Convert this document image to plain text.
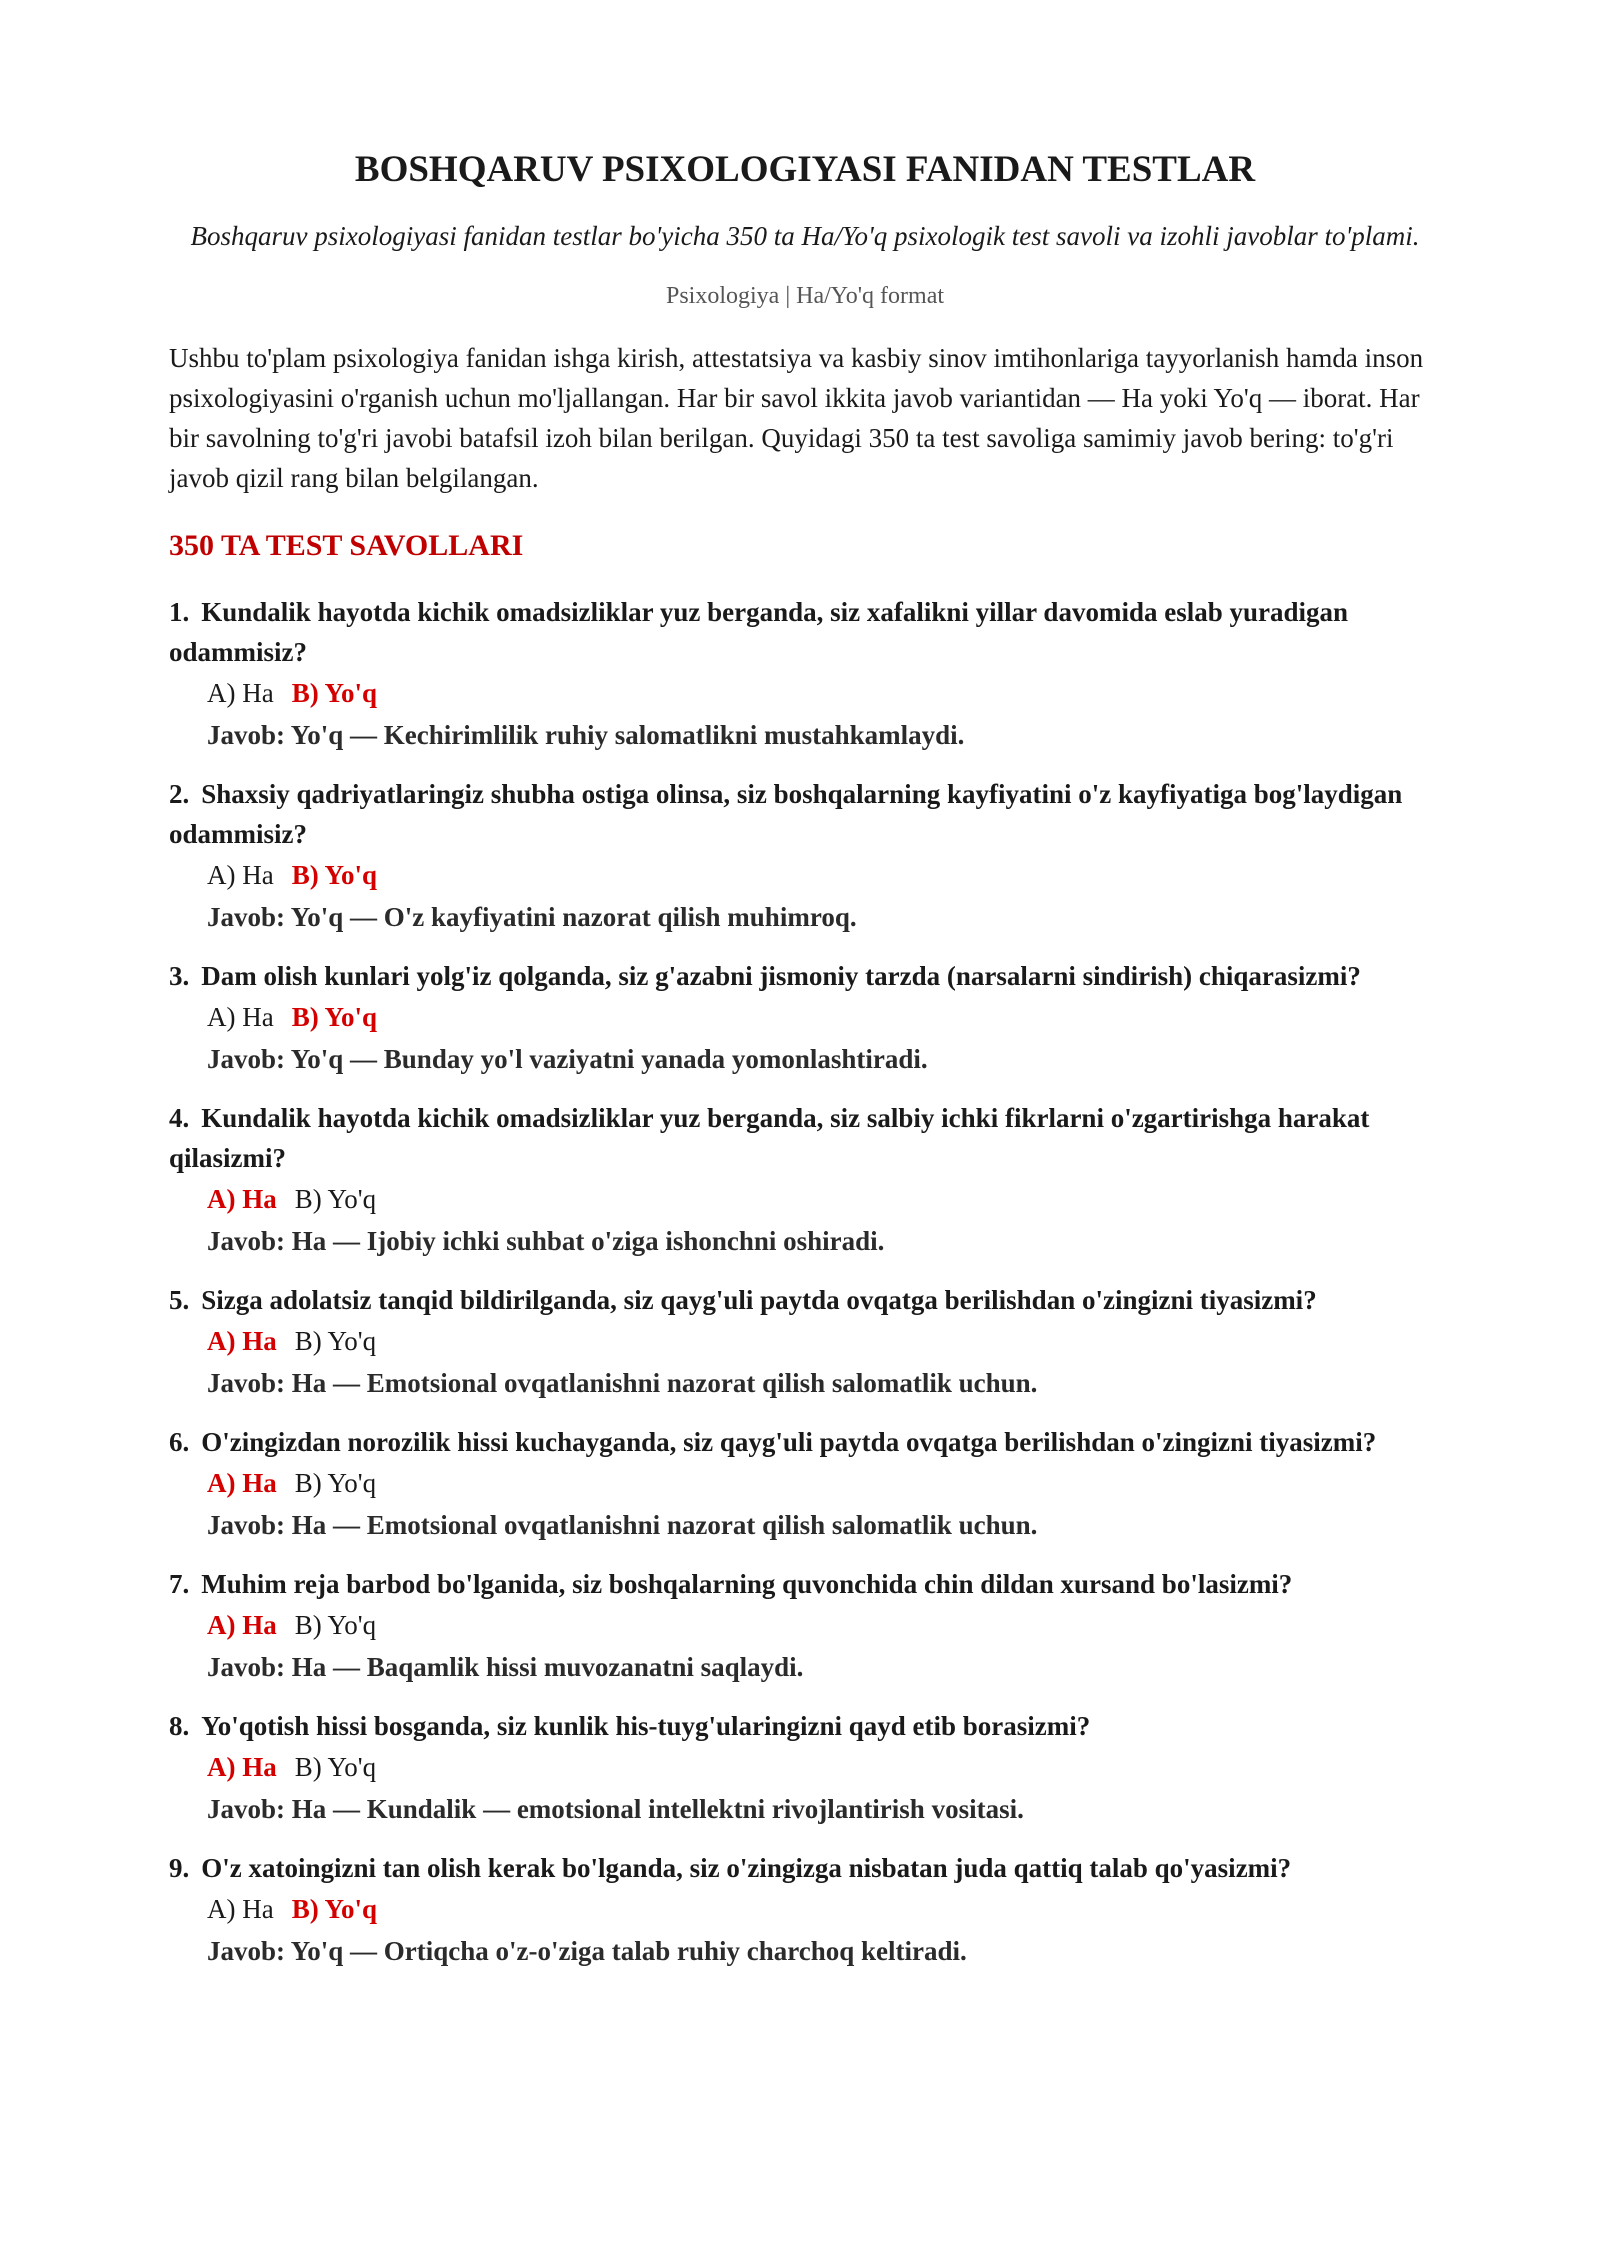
BOSHQARUV PSIXOLOGIYASI FANIDAN TESTLAR

Boshqaruv psixologiyasi fanidan testlar bo'yicha 350 ta Ha/Yo'q psixologik test savoli va izohli javoblar to'plami.

Psixologiya | Ha/Yo'q format

Ushbu to'plam psixologiya fanidan ishga kirish, attestatsiya va kasbiy sinov imtihonlariga tayyorlanish hamda inson psixologiyasini o'rganish uchun mo'ljallangan. Har bir savol ikkita javob variantidan — Ha yoki Yo'q — iborat. Har bir savolning to'g'ri javobi batafsil izoh bilan berilgan. Quyidagi 350 ta test savoliga samimiy javob bering: to'g'ri javob qizil rang bilan belgilangan.

350 TA TEST SAVOLLARI
1. Kundalik hayotda kichik omadsizliklar yuz berganda, siz xafalikni yillar davomida eslab yuradigan odammisiz?
A) Ha B) Yo'q
Javob: Yo'q — Kechirimlilik ruhiy salomatlikni mustahkamlaydi.
2. Shaxsiy qadriyatlaringiz shubha ostiga olinsa, siz boshqalarning kayfiyatini o'z kayfiyatiga bog'laydigan odammisiz?
A) Ha B) Yo'q
Javob: Yo'q — O'z kayfiyatini nazorat qilish muhimroq.
3. Dam olish kunlari yolg'iz qolganda, siz g'azabni jismoniy tarzda (narsalarni sindirish) chiqarasizmi?
A) Ha B) Yo'q
Javob: Yo'q — Bunday yo'l vaziyatni yanada yomonlashtiradi.
4. Kundalik hayotda kichik omadsizliklar yuz berganda, siz salbiy ichki fikrlarni o'zgartirishga harakat qilasizmi?
A) Ha B) Yo'q
Javob: Ha — Ijobiy ichki suhbat o'ziga ishonchni oshiradi.
5. Sizga adolatsiz tanqid bildirilganda, siz qayg'uli paytda ovqatga berilishdan o'zingizni tiyasizmi?
A) Ha B) Yo'q
Javob: Ha — Emotsional ovqatlanishni nazorat qilish salomatlik uchun.
6. O'zingizdan norozilik hissi kuchayganda, siz qayg'uli paytda ovqatga berilishdan o'zingizni tiyasizmi?
A) Ha B) Yo'q
Javob: Ha — Emotsional ovqatlanishni nazorat qilish salomatlik uchun.
7. Muhim reja barbod bo'lganida, siz boshqalarning quvonchida chin dildan xursand bo'lasizmi?
A) Ha B) Yo'q
Javob: Ha — Baqamlik hissi muvozanatni saqlaydi.
8. Yo'qotish hissi bosganda, siz kunlik his-tuyg'ularingizni qayd etib borasizmi?
A) Ha B) Yo'q
Javob: Ha — Kundalik — emotsional intellektni rivojlantirish vositasi.
9. O'z xatoingizni tan olish kerak bo'lganda, siz o'zingizga nisbatan juda qattiq talab qo'yasizmi?
A) Ha B) Yo'q
Javob: Yo'q — Ortiqcha o'z-o'ziga talab ruhiy charchoq keltiradi.
